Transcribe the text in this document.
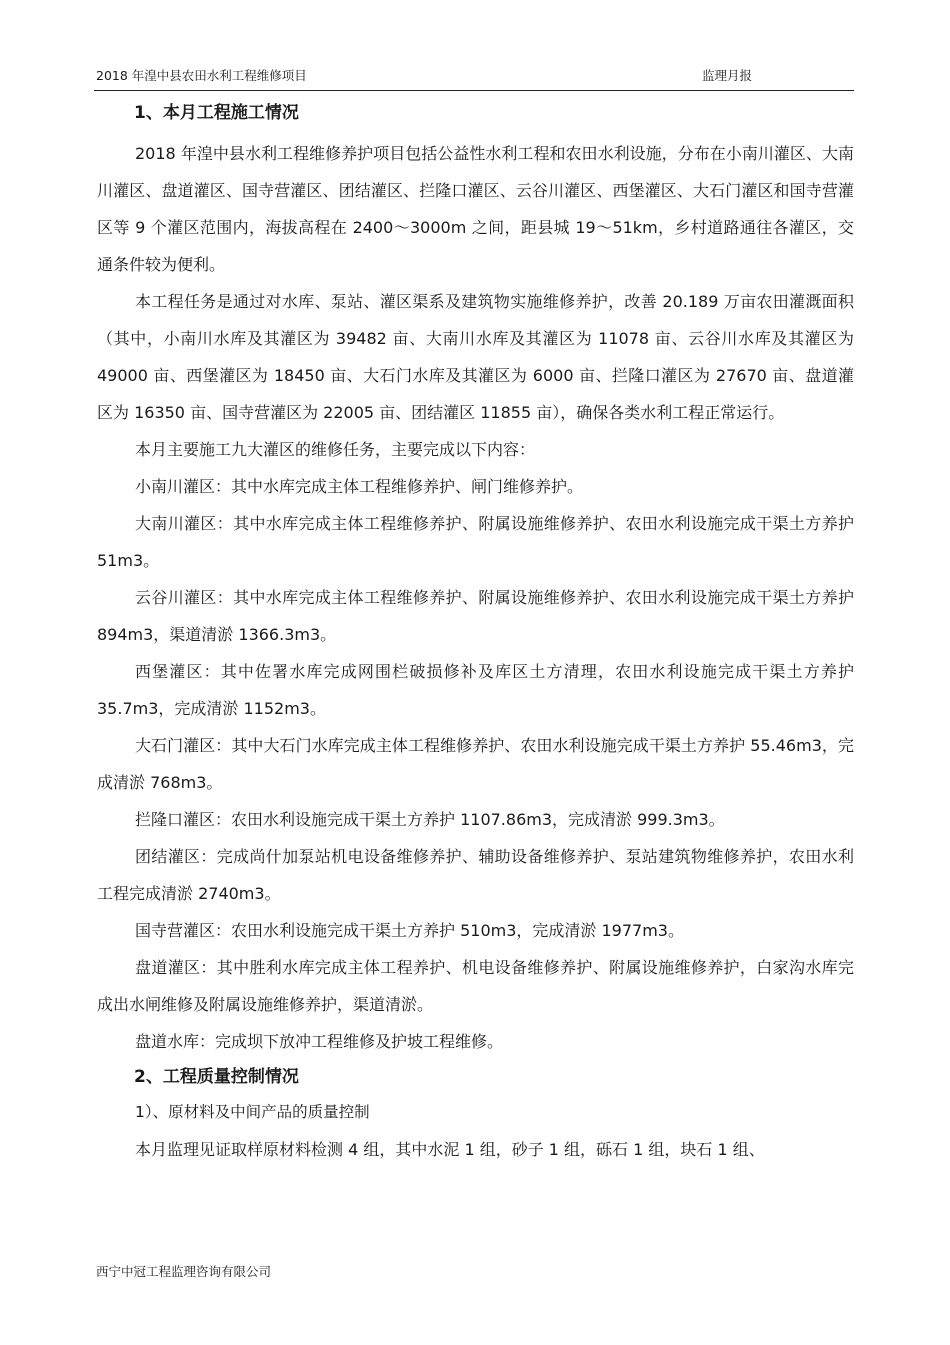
2018 年湟中县农田水利工程维修项目	监理月报
1、本月工程施工情况

2018 年湟中县水利工程维修养护项目包括公益性水利工程和农田水利设施，分布在小南川灌区、大南川灌区、盘道灌区、国寺营灌区、团结灌区、拦隆口灌区、云谷川灌区、西堡灌区、大石门灌区和国寺营灌区等 9 个灌区范围内，海拔高程在 2400～3000m 之间，距县城 19～51km，乡村道路通往各灌区，交通条件较为便利。

本工程任务是通过对水库、泵站、灌区渠系及建筑物实施维修养护，改善 20.189 万亩农田灌溉面积（其中，小南川水库及其灌区为 39482 亩、大南川水库及其灌区为 11078 亩、云谷川水库及其灌区为 49000 亩、西堡灌区为 18450 亩、大石门水库及其灌区为 6000 亩、拦隆口灌区为 27670 亩、盘道灌区为 16350 亩、国寺营灌区为 22005 亩、团结灌区 11855 亩），确保各类水利工程正常运行。

本月主要施工九大灌区的维修任务，主要完成以下内容：

小南川灌区：其中水库完成主体工程维修养护、闸门维修养护。

大南川灌区：其中水库完成主体工程维修养护、附属设施维修养护、农田水利设施完成干渠土方养护 51m3。

云谷川灌区：其中水库完成主体工程维修养护、附属设施维修养护、农田水利设施完成干渠土方养护 894m3，渠道清淤 1366.3m3。

西堡灌区：其中佐署水库完成网围栏破损修补及库区土方清理，农田水利设施完成干渠土方养护 35.7m3，完成清淤 1152m3。

大石门灌区：其中大石门水库完成主体工程维修养护、农田水利设施完成干渠土方养护 55.46m3，完成清淤 768m3。

拦隆口灌区：农田水利设施完成干渠土方养护 1107.86m3，完成清淤 999.3m3。

团结灌区：完成尚什加泵站机电设备维修养护、辅助设备维修养护、泵站建筑物维修养护，农田水利工程完成清淤 2740m3。

国寺营灌区：农田水利设施完成干渠土方养护 510m3，完成清淤 1977m3。

盘道灌区：其中胜利水库完成主体工程养护、机电设备维修养护、附属设施维修养护，白家沟水库完成出水闸维修及附属设施维修养护，渠道清淤。

盘道水库：完成坝下放冲工程维修及护坡工程维修。

2、工程质量控制情况

1）、原材料及中间产品的质量控制

本月监理见证取样原材料检测 4 组，其中水泥 1 组，砂子 1 组，砾石 1 组，块石 1 组、

西宁中冠工程监理咨询有限公司
